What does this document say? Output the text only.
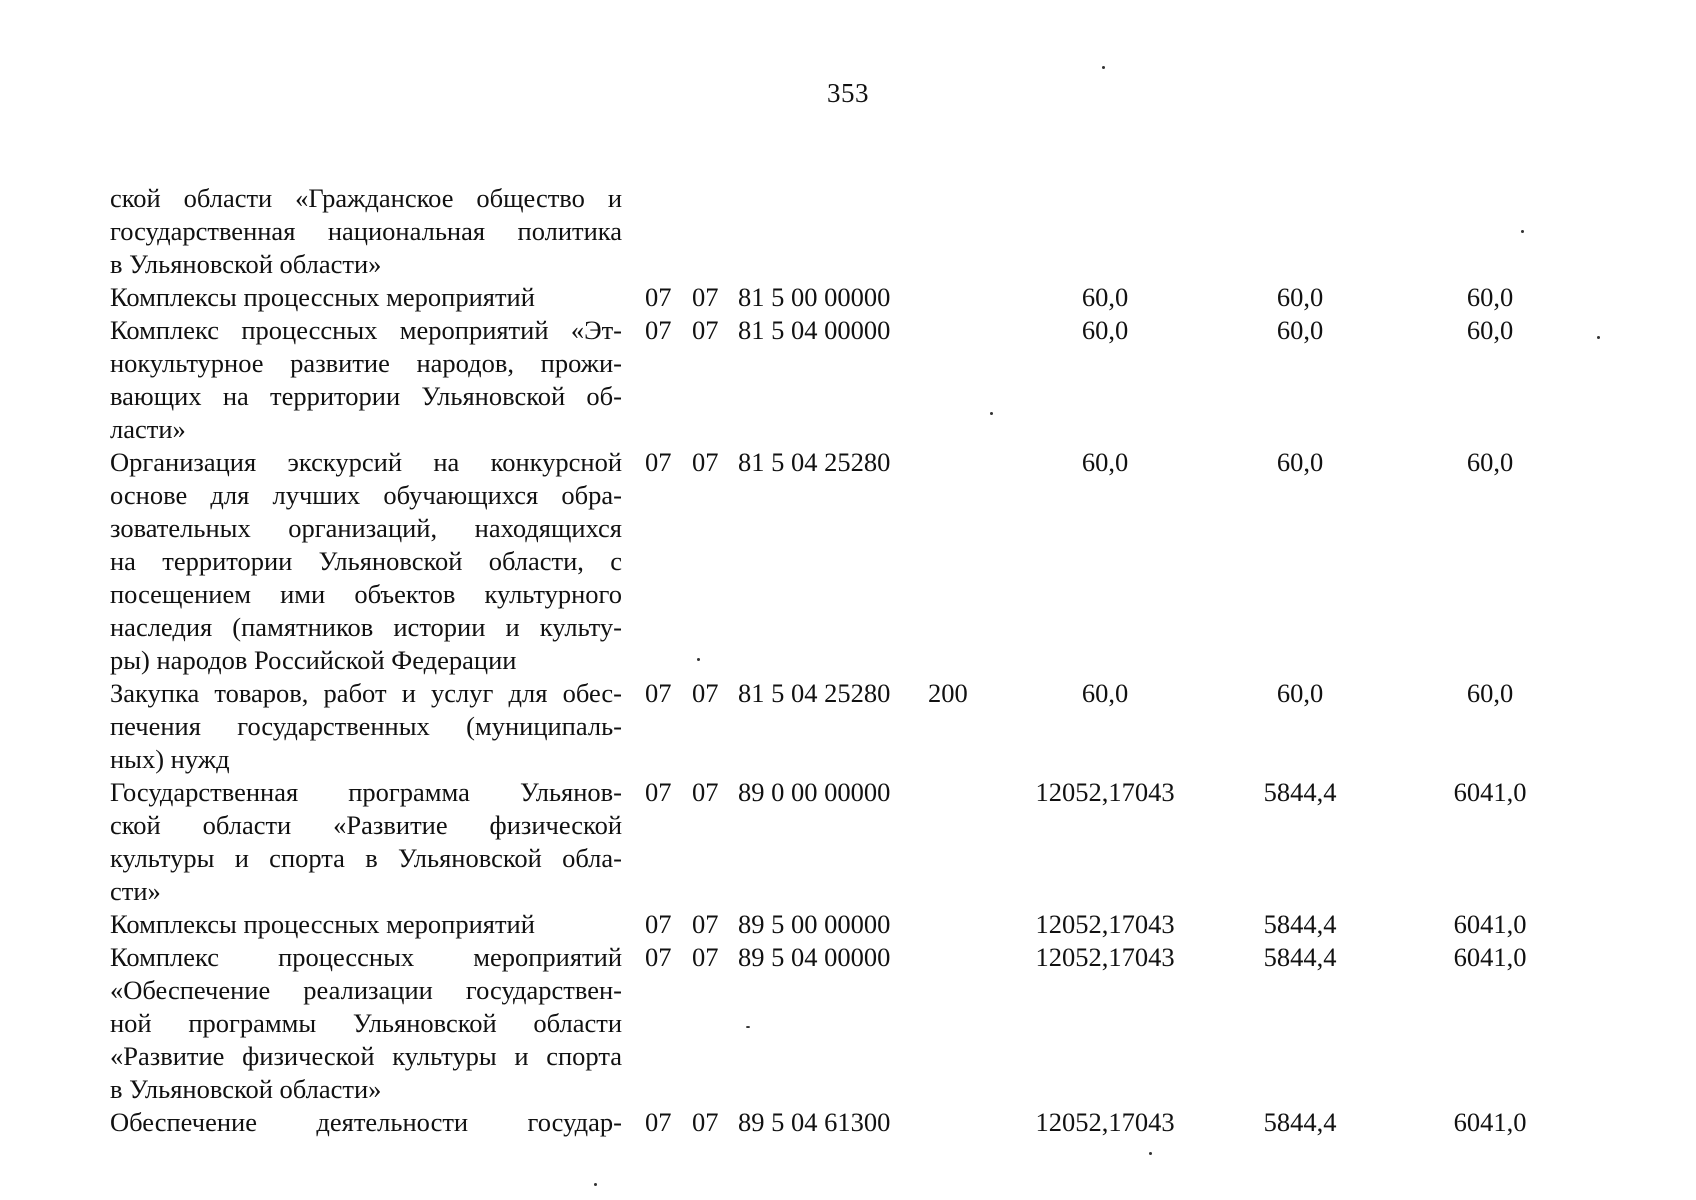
353
ской области «Гражданское общество и
государственная национальная политика
в Ульяновской области»
Комплексы процессных мероприятий	07 07 81 5 00 00000	60,0	60,0	60,0
Комплекс процессных мероприятий «Эт-
нокультурное развитие народов, прожи-
вающих на территории Ульяновской об-
ласти»
07 07 81 5 04 00000	60,0	60,0	60,0
Организация экскурсий на конкурсной
основе для лучших обучающихся обра-
зовательных организаций, находящихся
на территории Ульяновской области, с
посещением ими объектов культурного
наследия (памятников истории и культу-
ры) народов Российской Федерации
07 07 81 5 04 25280	60,0	60,0	60,0
Закупка товаров, работ и услуг для обес-
печения государственных (муниципаль-
ных) нужд
07 07 81 5 04 25280 200	60,0	60,0	60,0
Государственная программа Ульянов-
ской области «Развитие физической
культуры и спорта в Ульяновской обла-
сти»
07 07 89 0 00 00000	12052,17043	5844,4	6041,0
Комплексы процессных мероприятий	07 07 89 5 00 00000	12052,17043	5844,4	6041,0
Комплекс процессных мероприятий
«Обеспечение реализации государствен-
ной программы Ульяновской области
«Развитие физической культуры и спорта
в Ульяновской области»
07 07 89 5 04 00000	12052,17043	5844,4	6041,0
Обеспечение деятельности государ- 07 07 89 5 04 61300	12052,17043	5844,4	6041,0
